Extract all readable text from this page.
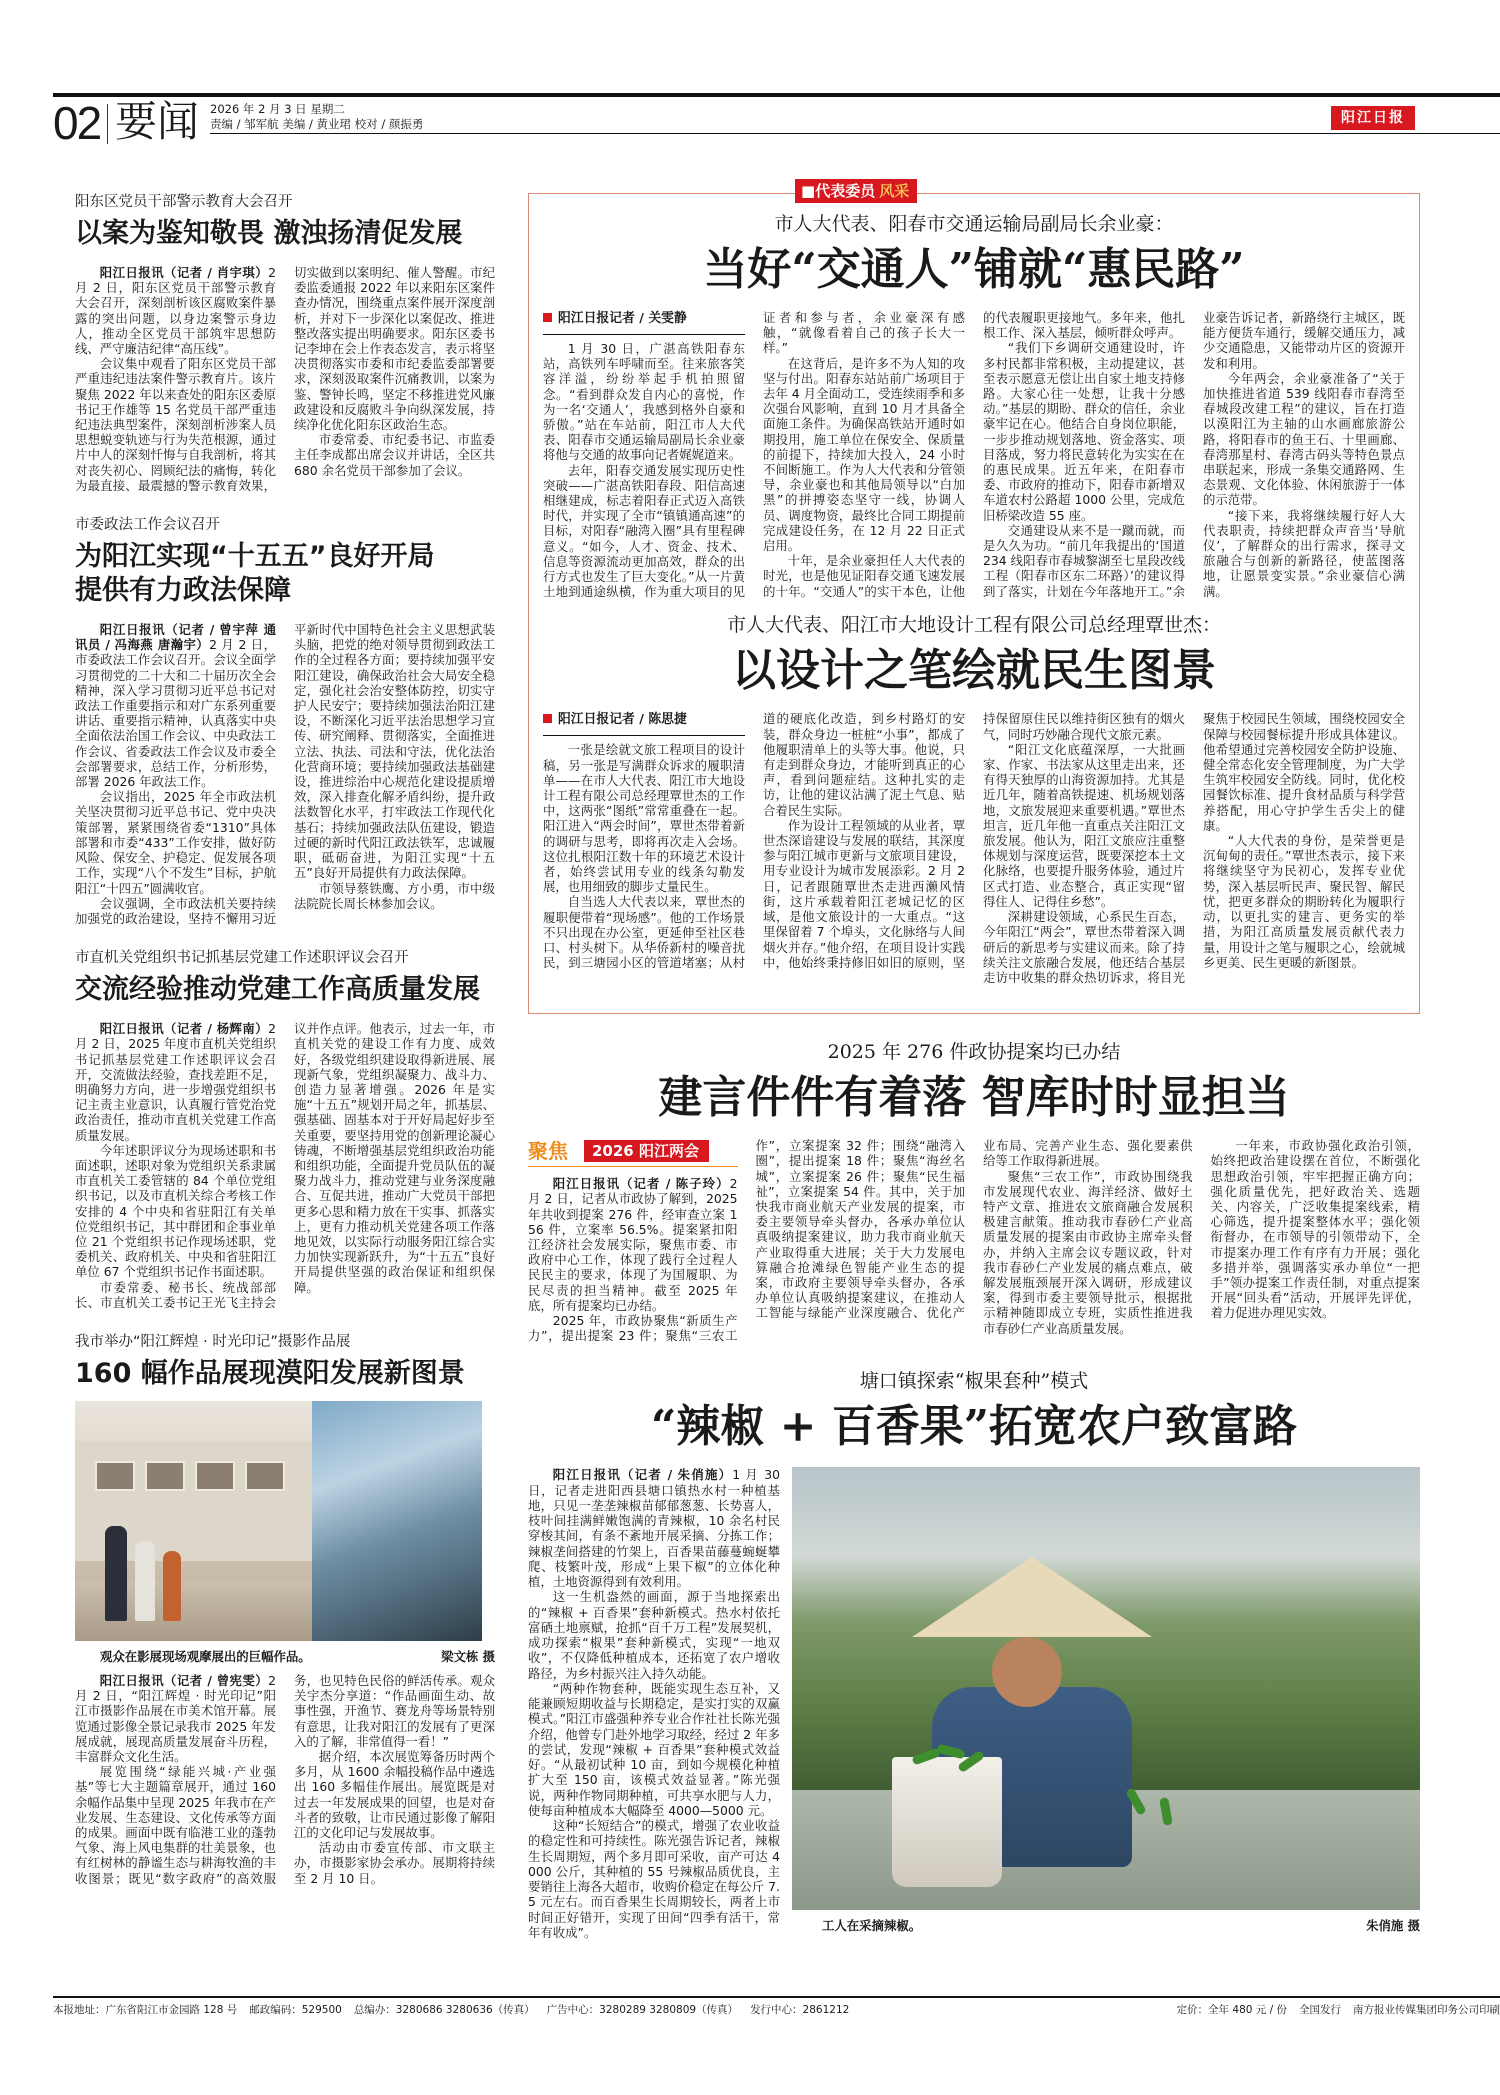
02 要闻 2026 年 2 月 3 日 星期二
责编 / 邹军航 美编 / 黄业珺 校对 / 颜振勇	阳江日报
阳东区党员干部警示教育大会召开
以案为鉴知敬畏 激浊扬清促发展

阳江日报讯（记者 / 肖宇琪）2 月 2 日，阳东区党员干部警示教育大会召开，深刻剖析该区腐败案件暴露的突出问题，以身边案警示身边人，推动全区党员干部筑牢思想防线、严守廉洁纪律“高压线”。

会议集中观看了阳东区党员干部严重违纪违法案件警示教育片。该片聚焦 2022 年以来查处的阳东区委原书记王作雄等 15 名党员干部严重违纪违法典型案件，深刻剖析涉案人员思想蜕变轨迹与行为失范根源，通过片中人的深刻忏悔与自我剖析，将其对丧失初心、罔顾纪法的痛悔，转化为最直接、最震撼的警示教育效果，切实做到以案明纪、催人警醒。市纪委监委通报 2022 年以来阳东区案件查办情况，围绕重点案件展开深度剖析，并对下一步深化以案促改、推进整改落实提出明确要求。阳东区委书记李坤在会上作表态发言，表示将坚决贯彻落实市委和市纪委监委部署要求，深刻汲取案件沉痛教训，以案为鉴、警钟长鸣，坚定不移推进党风廉政建设和反腐败斗争向纵深发展，持续净化优化阳东区政治生态。

市委常委、市纪委书记、市监委主任李成都出席会议并讲话，全区共 680 余名党员干部参加了会议。

市委政法工作会议召开
为阳江实现“十五五”良好开局
提供有力政法保障

阳江日报讯（记者 / 曾宇萍 通讯员 / 冯海燕 唐瀚宇）2 月 2 日，市委政法工作会议召开。会议全面学习贯彻党的二十大和二十届历次全会精神，深入学习贯彻习近平总书记对政法工作重要指示和对广东系列重要讲话、重要指示精神，认真落实中央全面依法治国工作会议、中央政法工作会议、省委政法工作会议及市委全会部署要求，总结工作，分析形势，部署 2026 年政法工作。

会议指出，2025 年全市政法机关坚决贯彻习近平总书记、党中央决策部署，紧紧围绕省委“1310”具体部署和市委“433”工作安排，做好防风险、保安全、护稳定、促发展各项工作，实现“八个不发生”目标，护航阳江“十四五”圆满收官。

会议强调，全市政法机关要持续加强党的政治建设，坚持不懈用习近平新时代中国特色社会主义思想武装头脑，把党的绝对领导贯彻到政法工作的全过程各方面；要持续加强平安阳江建设，确保政治社会大局安全稳定，强化社会治安整体防控，切实守护人民安宁；要持续加强法治阳江建设，不断深化习近平法治思想学习宣传、研究阐释、贯彻落实，全面推进立法、执法、司法和守法，优化法治化营商环境；要持续加强政法基础建设，推进综治中心规范化建设提质增效，深入排查化解矛盾纠纷，提升政法数智化水平，打牢政法工作现代化基石；持续加强政法队伍建设，锻造过硬的新时代阳江政法铁军，忠诚履职，砥砺奋进，为阳江实现“十五五”良好开局提供有力政法保障。

市领导蔡铁鹰、方小勇，市中级法院院长周长林参加会议。

市直机关党组织书记抓基层党建工作述职评议会召开
交流经验推动党建工作高质量发展

阳江日报讯（记者 / 杨辉南）2 月 2 日，2025 年度市直机关党组织书记抓基层党建工作述职评议会召开，交流做法经验，查找差距不足，明确努力方向，进一步增强党组织书记主责主业意识，认真履行管党治党政治责任，推动市直机关党建工作高质量发展。

今年述职评议分为现场述职和书面述职，述职对象为党组织关系隶属市直机关工委管辖的 84 个单位党组织书记，以及市直机关综合考核工作安排的 4 个中央和省驻阳江有关单位党组织书记，其中群团和企事业单位 21 个党组织书记作现场述职，党委机关、政府机关、中央和省驻阳江单位 67 个党组织书记作书面述职。

市委常委、秘书长、统战部部长、市直机关工委书记王光飞主持会议并作点评。他表示，过去一年，市直机关党的建设工作有力度、成效好，各级党组织建设取得新进展、展现新气象，党组织凝聚力、战斗力、创造力显著增强。2026 年是实施“十五五”规划开局之年，抓基层、强基础、固基本对于开好局起好步至关重要，要坚持用党的创新理论凝心铸魂，不断增强基层党组织政治功能和组织功能，全面提升党员队伍的凝聚力战斗力，推动党建与业务深度融合、互促共进，推动广大党员干部把更多心思和精力放在干实事、抓落实上，更有力推动机关党建各项工作落地见效，以实际行动服务阳江综合实力加快实现新跃升，为“十五五”良好开局提供坚强的政治保证和组织保障。

我市举办“阳江辉煌 · 时光印记”摄影作品展
160 幅作品展现漠阳发展新图景
观众在影展现场观摩展出的巨幅作品。	梁文栋 摄

阳江日报讯（记者 / 曾宪雯）2 月 2 日，“阳江辉煌 · 时光印记”阳江市摄影作品展在市美术馆开幕。展览通过影像全景记录我市 2025 年发展成就，展现高质量发展奋斗历程，丰富群众文化生活。

展览围绕“绿能兴城·产业强基”等七大主题篇章展开，通过 160 余幅作品集中呈现 2025 年我市在产业发展、生态建设、文化传承等方面的成果。画面中既有临港工业的蓬勃气象、海上风电集群的壮美景象，也有红树林的静谧生态与耕海牧渔的丰收图景；既见“数字政府”的高效服务，也见特色民俗的鲜活传承。观众关宇杰分享道：“作品画面生动、故事性强，开渔节、赛龙舟等场景特别有意思，让我对阳江的发展有了更深入的了解，非常值得一看！”

据介绍，本次展览筹备历时两个多月，从 1600 余幅投稿作品中遴选出 160 多幅佳作展出。展览既是对过去一年发展成果的回望，也是对奋斗者的致敬，让市民通过影像了解阳江的文化印记与发展故事。

活动由市委宣传部、市文联主办，市摄影家协会承办。展期将持续至 2 月 10 日。

■代表委员 风采
市人大代表、阳春市交通运输局副局长余业豪：
当好“交通人”铺就“惠民路”
阳江日报记者 / 关雯静

1 月 30 日，广湛高铁阳春东站，高铁列车呼啸而至。往来旅客笑容洋溢，纷纷举起手机拍照留念。“看到群众发自内心的喜悦，作为一名‘交通人’，我感到格外自豪和骄傲。”站在车站前，阳江市人大代表、阳春市交通运输局副局长余业豪将他与交通的故事向记者娓娓道来。

去年，阳春交通发展实现历史性突破——广湛高铁阳春段、阳信高速相继建成，标志着阳春正式迈入高铁时代，并实现了全市“镇镇通高速”的目标，对阳春“融湾入圈”具有里程碑意义。“如今，人才、资金、技术、信息等资源流动更加高效，群众的出行方式也发生了巨大变化。”从一片黄土地到通途纵横，作为重大项目的见证者和参与者，余业豪深有感触，“就像看着自己的孩子长大一样。”

在这背后，是许多不为人知的攻坚与付出。阳春东站站前广场项目于去年 4 月全面动工，受连续雨季和多次强台风影响，直到 10 月才具备全面施工条件。为确保高铁站开通时如期投用，施工单位在保安全、保质量的前提下，持续加大投入，24 小时不间断施工。作为人大代表和分管领导，余业豪也和其他局领导以“白加黑”的拼搏姿态坚守一线，协调人员、调度物资，最终比合同工期提前完成建设任务，在 12 月 22 日正式启用。

十年，是余业豪担任人大代表的时光，也是他见证阳春交通飞速发展的十年。“交通人”的实干本色，让他的代表履职更接地气。多年来，他扎根工作、深入基层，倾听群众呼声。

“我们下乡调研交通建设时，许多村民都非常积极，主动提建议，甚至表示愿意无偿让出自家土地支持修路。大家心往一处想，让我十分感动。”基层的期盼、群众的信任，余业豪牢记在心。他结合自身岗位职能，一步步推动规划落地、资金落实、项目落成，努力将民意转化为实实在在的惠民成果。近五年来，在阳春市委、市政府的推动下，阳春市新增双车道农村公路超 1000 公里，完成危旧桥梁改造 55 座。

交通建设从来不是一蹴而就，而是久久为功。“前几年我提出的‘国道 234 线阳春市春城黎湖至七星段改线工程（阳春市区东二环路）’的建议得到了落实，计划在今年落地开工。”余业豪告诉记者，新路绕行主城区，既能方便货车通行，缓解交通压力，减少交通隐患，又能带动片区的资源开发和利用。

今年两会，余业豪准备了“关于加快推进省道 539 线阳春市春湾至春城段改建工程”的建议，旨在打造以漠阳江为主轴的山水画廊旅游公路，将阳春市的鱼王石、十里画廊、春湾那星村、春湾古码头等特色景点串联起来，形成一条集交通路网、生态景观、文化体验、休闲旅游于一体的示范带。

“接下来，我将继续履行好人大代表职责，持续把群众声音当‘导航仪’，了解群众的出行需求，探寻文旅融合与创新的新路径，使蓝图落地，让愿景变实景。”余业豪信心满满。

市人大代表、阳江市大地设计工程有限公司总经理覃世杰：
以设计之笔绘就民生图景
阳江日报记者 / 陈思捷

一张是绘就文旅工程项目的设计稿，另一张是写满群众诉求的履职清单——在市人大代表、阳江市大地设计工程有限公司总经理覃世杰的工作中，这两张“图纸”常常重叠在一起。阳江进入“两会时间”，覃世杰带着新的调研与思考，即将再次走入会场。这位扎根阳江数十年的环境艺术设计者，始终尝试用专业的线条勾勒发展，也用细致的脚步丈量民生。

自当选人大代表以来，覃世杰的履职便带着“现场感”。他的工作场景不只出现在办公室，更延伸至社区巷口、村头树下。从华侨新村的噪音扰民，到三塘园小区的管道堵塞；从村道的硬底化改造，到乡村路灯的安装，群众身边一桩桩“小事”，都成了他履职清单上的头等大事。他说，只有走到群众身边，才能听到真正的心声，看到问题症结。这种扎实的走访，让他的建议沾满了泥土气息、贴合着民生实际。

作为设计工程领域的从业者，覃世杰深谙建设与发展的联结，其深度参与阳江城市更新与文旅项目建设，用专业设计为城市发展添彩。2 月 2 日，记者跟随覃世杰走进西濑风情街，这片承载着阳江老城记忆的区域，是他文旅设计的一大重点。“这里保留着 7 个埠头，文化脉络与人间烟火并存。”他介绍，在项目设计实践中，他始终秉持修旧如旧的原则，坚持保留原住民以维持街区独有的烟火气，同时巧妙融合现代文旅元素。

“阳江文化底蕴深厚，一大批画家、作家、书法家从这里走出来，还有得天独厚的山海资源加持。尤其是近几年，随着高铁提速、机场规划落地，文旅发展迎来重要机遇。”覃世杰坦言，近几年他一直重点关注阳江文旅发展。他认为，阳江文旅应注重整体规划与深度运营，既要深挖本土文化脉络，也要提升服务体验，通过片区式打造、业态整合，真正实现“留得住人、记得住乡愁”。

深耕建设领域，心系民生百态，今年阳江“两会”，覃世杰带着深入调研后的新思考与实建议而来。除了持续关注文旅融合发展，他还结合基层走访中收集的群众热切诉求，将目光聚焦于校园民生领域，围绕校园安全保障与校园餐标提升形成具体建议。他希望通过完善校园安全防护设施、健全常态化安全管理制度，为广大学生筑牢校园安全防线。同时，优化校园餐饮标准、提升食材品质与科学营养搭配，用心守护学生舌尖上的健康。

“人大代表的身份，是荣誉更是沉甸甸的责任。”覃世杰表示，接下来将继续坚守为民初心，发挥专业优势，深入基层听民声、聚民智、解民忧，把更多群众的期盼转化为履职行动，以更扎实的建言、更务实的举措，为阳江高质量发展贡献代表力量，用设计之笔与履职之心，绘就城乡更美、民生更暖的新图景。

2025 年 276 件政协提案均已办结
建言件件有着落 智库时时显担当
聚焦	2026 阳江两会

阳江日报讯（记者 / 陈子玲）2 月 2 日，记者从市政协了解到，2025 年共收到提案 276 件，经审查立案 156 件，立案率 56.5%。提案紧扣阳江经济社会发展实际，聚焦市委、市政府中心工作，体现了践行全过程人民民主的要求，体现了为国履职、为民尽责的担当精神。截至 2025 年底，所有提案均已办结。

2025 年，市政协聚焦“新质生产力”，提出提案 23 件；聚焦“三农工作”，立案提案 32 件；围绕“融湾入圈”，提出提案 18 件；聚焦“海丝名城”，立案提案 26 件；聚焦“民生福祉”，立案提案 54 件。其中，关于加快我市商业航天产业发展的提案，市委主要领导牵头督办，各承办单位认真吸纳提案建议，助力我市商业航天产业取得重大进展；关于大力发展电算融合抢滩绿色智能产业生态的提案，市政府主要领导牵头督办，各承办单位认真吸纳提案建议，在推动人工智能与绿能产业深度融合、优化产业布局、完善产业生态、强化要素供给等工作取得新进展。

聚焦“三农工作”，市政协围绕我市发展现代农业、海洋经济、做好土特产文章、推进农文旅商融合发展积极建言献策。推动我市春砂仁产业高质量发展的提案由市政协主席牵头督办，并纳入主席会议专题议政，针对我市春砂仁产业发展的痛点难点，破解发展瓶颈展开深入调研，形成建议案，得到市委主要领导批示，根据批示精神随即成立专班，实质性推进我市春砂仁产业高质量发展。

一年来，市政协强化政治引领，始终把政治建设摆在首位，不断强化思想政治引领，牢牢把握正确方向；强化质量优先，把好政治关、选题关、内容关，广泛收集提案线索，精心筛选，提升提案整体水平；强化领衔督办，在市领导的引领带动下，全市提案办理工作有序有力开展；强化多措并举，强调落实承办单位“一把手”领办提案工作责任制，对重点提案开展“回头看”活动，开展评先评优，着力促进办理见实效。

塘口镇探索“椒果套种”模式
“辣椒 + 百香果”拓宽农户致富路

阳江日报讯（记者 / 朱俏施）1 月 30 日，记者走进阳西县塘口镇热水村一种植基地，只见一垄垄辣椒苗郁郁葱葱、长势喜人，枝叶间挂满鲜嫩饱满的青辣椒，10 余名村民穿梭其间，有条不紊地开展采摘、分拣工作；辣椒垄间搭建的竹架上，百香果苗藤蔓蜿蜒攀爬、枝繁叶茂，形成“上果下椒”的立体化种植，土地资源得到有效利用。

这一生机盎然的画面，源于当地探索出的“辣椒 + 百香果”套种新模式。热水村依托富硒土地禀赋，抢抓“百千万工程”发展契机，成功探索“椒果”套种新模式，实现“一地双收”，不仅降低种植成本，还拓宽了农户增收路径，为乡村振兴注入持久动能。

“两种作物套种，既能实现生态互补，又能兼顾短期收益与长期稳定，是实打实的双赢模式。”阳江市盛强种养专业合作社社长陈光强介绍，他曾专门赴外地学习取经，经过 2 年多的尝试，发现“辣椒 + 百香果”套种模式效益好。“从最初试种 10 亩，到如今规模化种植扩大至 150 亩，该模式效益显著。”陈光强说，两种作物同期种植，可共享水肥与人力，使每亩种植成本大幅降至 4000—5000 元。

这种“长短结合”的模式，增强了农业收益的稳定性和可持续性。陈光强告诉记者，辣椒生长周期短，两个多月即可采收，亩产可达 4000 公斤，其种植的 55 号辣椒品质优良，主要销往上海各大超市，收购价稳定在每公斤 7.5 元左右。而百香果生长周期较长，两者上市时间正好错开，实现了田间“四季有活干，常年有收成”。	工人在采摘辣椒。	朱俏施 摄
本报地址：广东省阳江市金园路 128 号 邮政编码：529500 总编办：3280686 3280636（传真） 广告中心：3280289 3280809（传真） 发行中心：2861212	定价：全年 480 元 / 份 全国发行 南方报业传媒集团印务公司印刷
